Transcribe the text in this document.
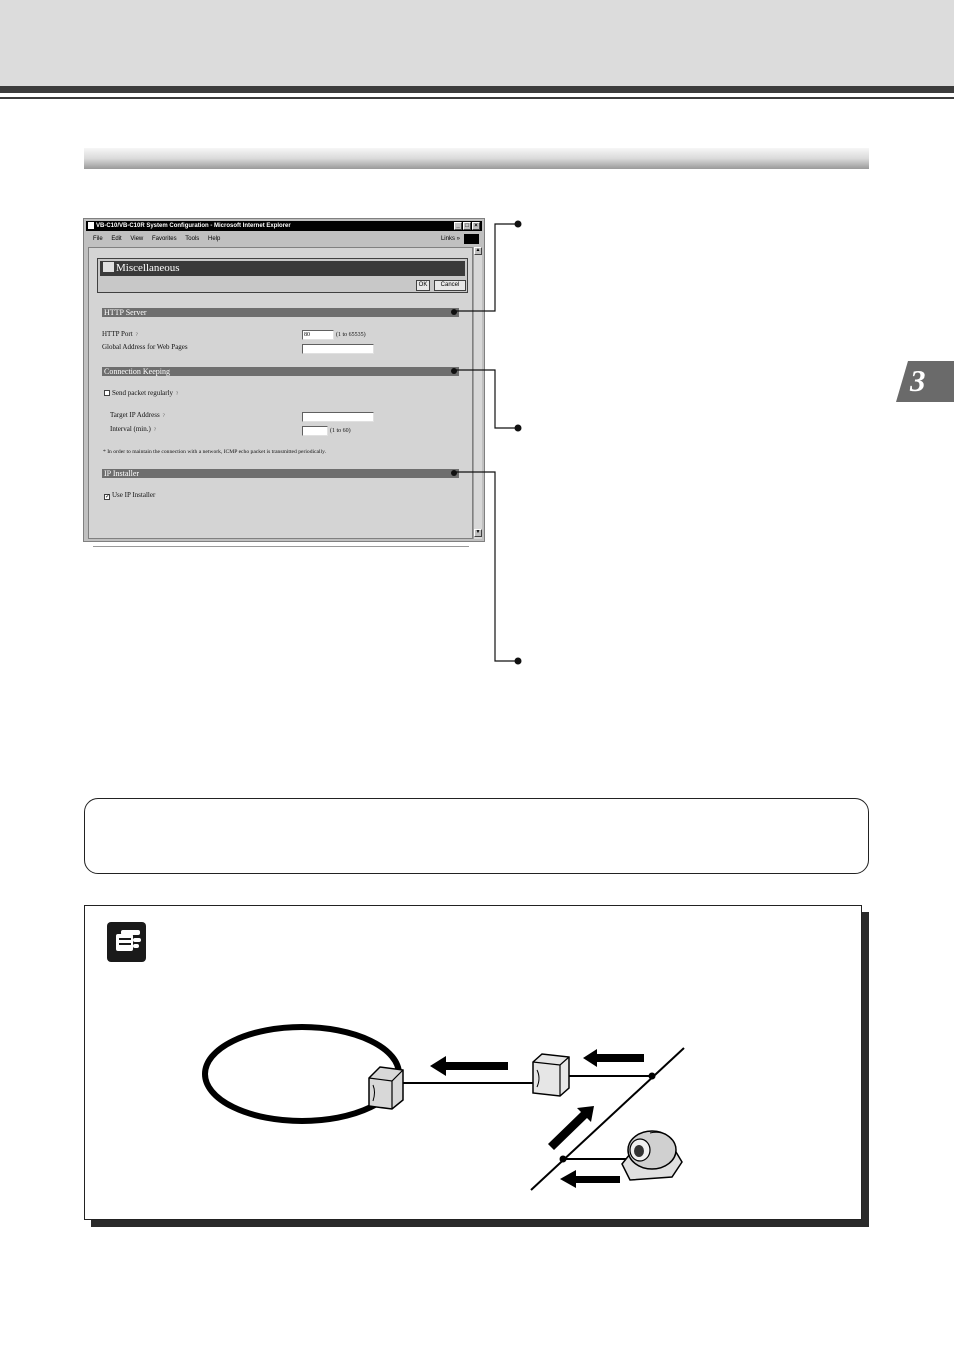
3
VB-C10/VB-C10R System Configuration - Microsoft Internet Explorer	_ □ ×
File Edit View Favorites Tools Help	Links »
Miscellaneous
OK	Cancel
HTTP Server
HTTP Port ?	80	(1 to 65535)
Global Address for Web Pages
Connection Keeping
Send packet regularly ?
Target IP Address ?
Interval (min.) ?	(1 to 60)
* In order to maintain the connection with a network, ICMP echo packet is transmitted periodically.
IP Installer
✓ Use IP Installer
▲
▼
